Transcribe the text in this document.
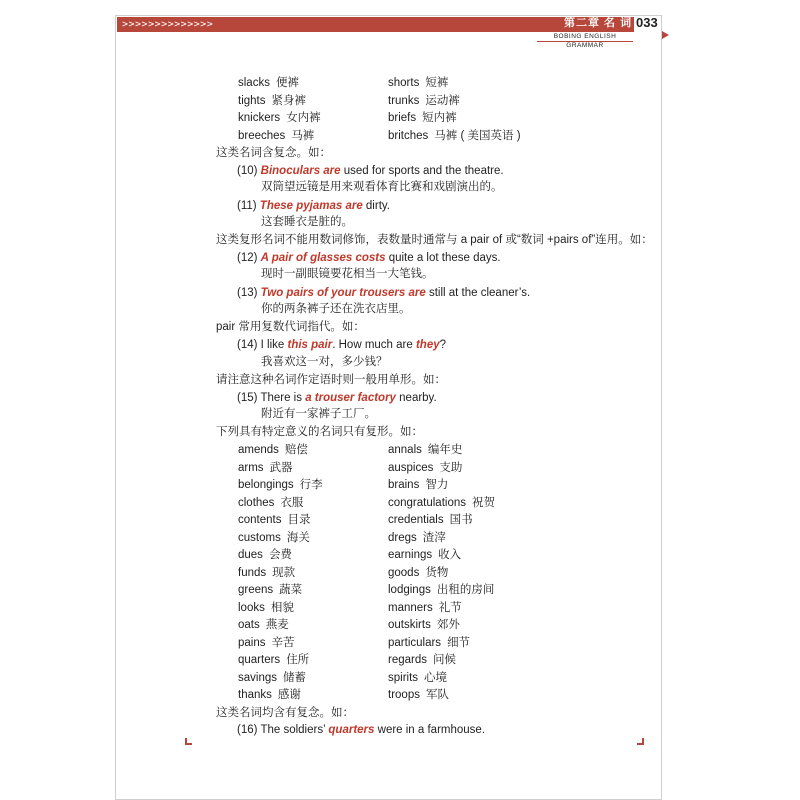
>>>>>>>>>>>>>>	第二章 名 词 033
BOBING ENGLISH GRAMMAR
slacks 便裤	shorts 短裤
tights 紧身裤	trunks 运动裤
knickers 女内裤	briefs 短内裤
breeches 马裤	britches 马裤 ( 美国英语 )
这类名词含复念。如：
(10) Binoculars are used for sports and the theatre.
双筒望远镜是用来观看体育比赛和戏剧演出的。
(11) These pyjamas are dirty.
这套睡衣是脏的。
这类复形名词不能用数词修饰，表数量时通常与 a pair of 或“数词 +pairs of”连用。如：
(12) A pair of glasses costs quite a lot these days.
现时一副眼镜要花相当一大笔钱。
(13) Two pairs of your trousers are still at the cleaner’s.
你的两条裤子还在洗衣店里。
pair 常用复数代词指代。如：
(14) I like this pair. How much are they?
我喜欢这一对，多少钱？
请注意这种名词作定语时则一般用单形。如：
(15) There is a trouser factory nearby.
附近有一家裤子工厂。
下列具有特定意义的名词只有复形。如：
amends 赔偿	annals 编年史
arms 武器	auspices 支助
belongings 行李	brains 智力
clothes 衣服	congratulations 祝贺
contents 目录	credentials 国书
customs 海关	dregs 渣滓
dues 会费	earnings 收入
funds 现款	goods 货物
greens 蔬菜	lodgings 出租的房间
looks 相貌	manners 礼节
oats 燕麦	outskirts 郊外
pains 辛苦	particulars 细节
quarters 住所	regards 问候
savings 储蓄	spirits 心境
thanks 感谢	troops 军队
这类名词均含有复念。如：
(16) The soldiers’ quarters were in a farmhouse.
